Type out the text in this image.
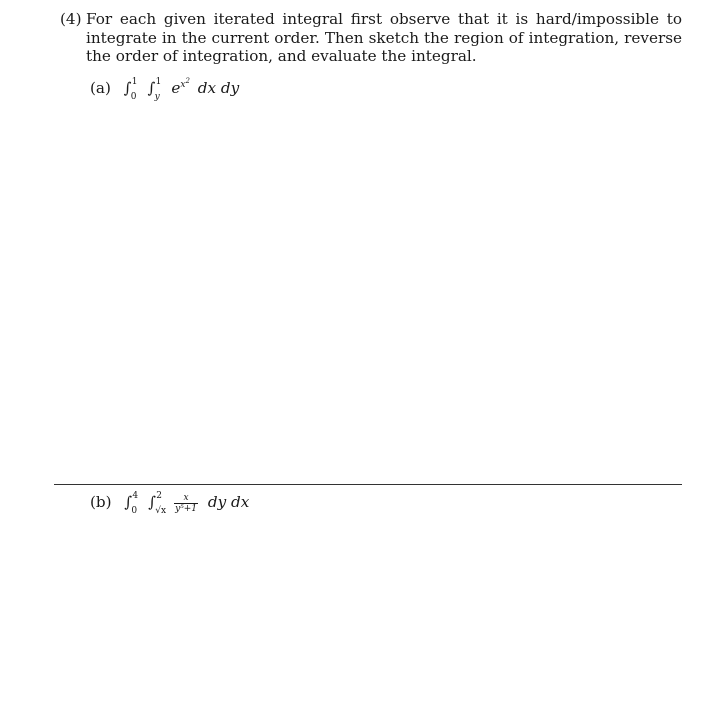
(4) For each given iterated integral first observe that it is hard/impossible to integrate in the current order. Then sketch the region of integration, reverse the order of integration, and evaluate the integral.
(a) ∫ 1
0 ∫ 1
y $e^{x^2}$ dx dy
(b) ∫ 4
0 ∫ 2
√x
$\frac{x}{\text{y⁵+1}}$ dy dx
